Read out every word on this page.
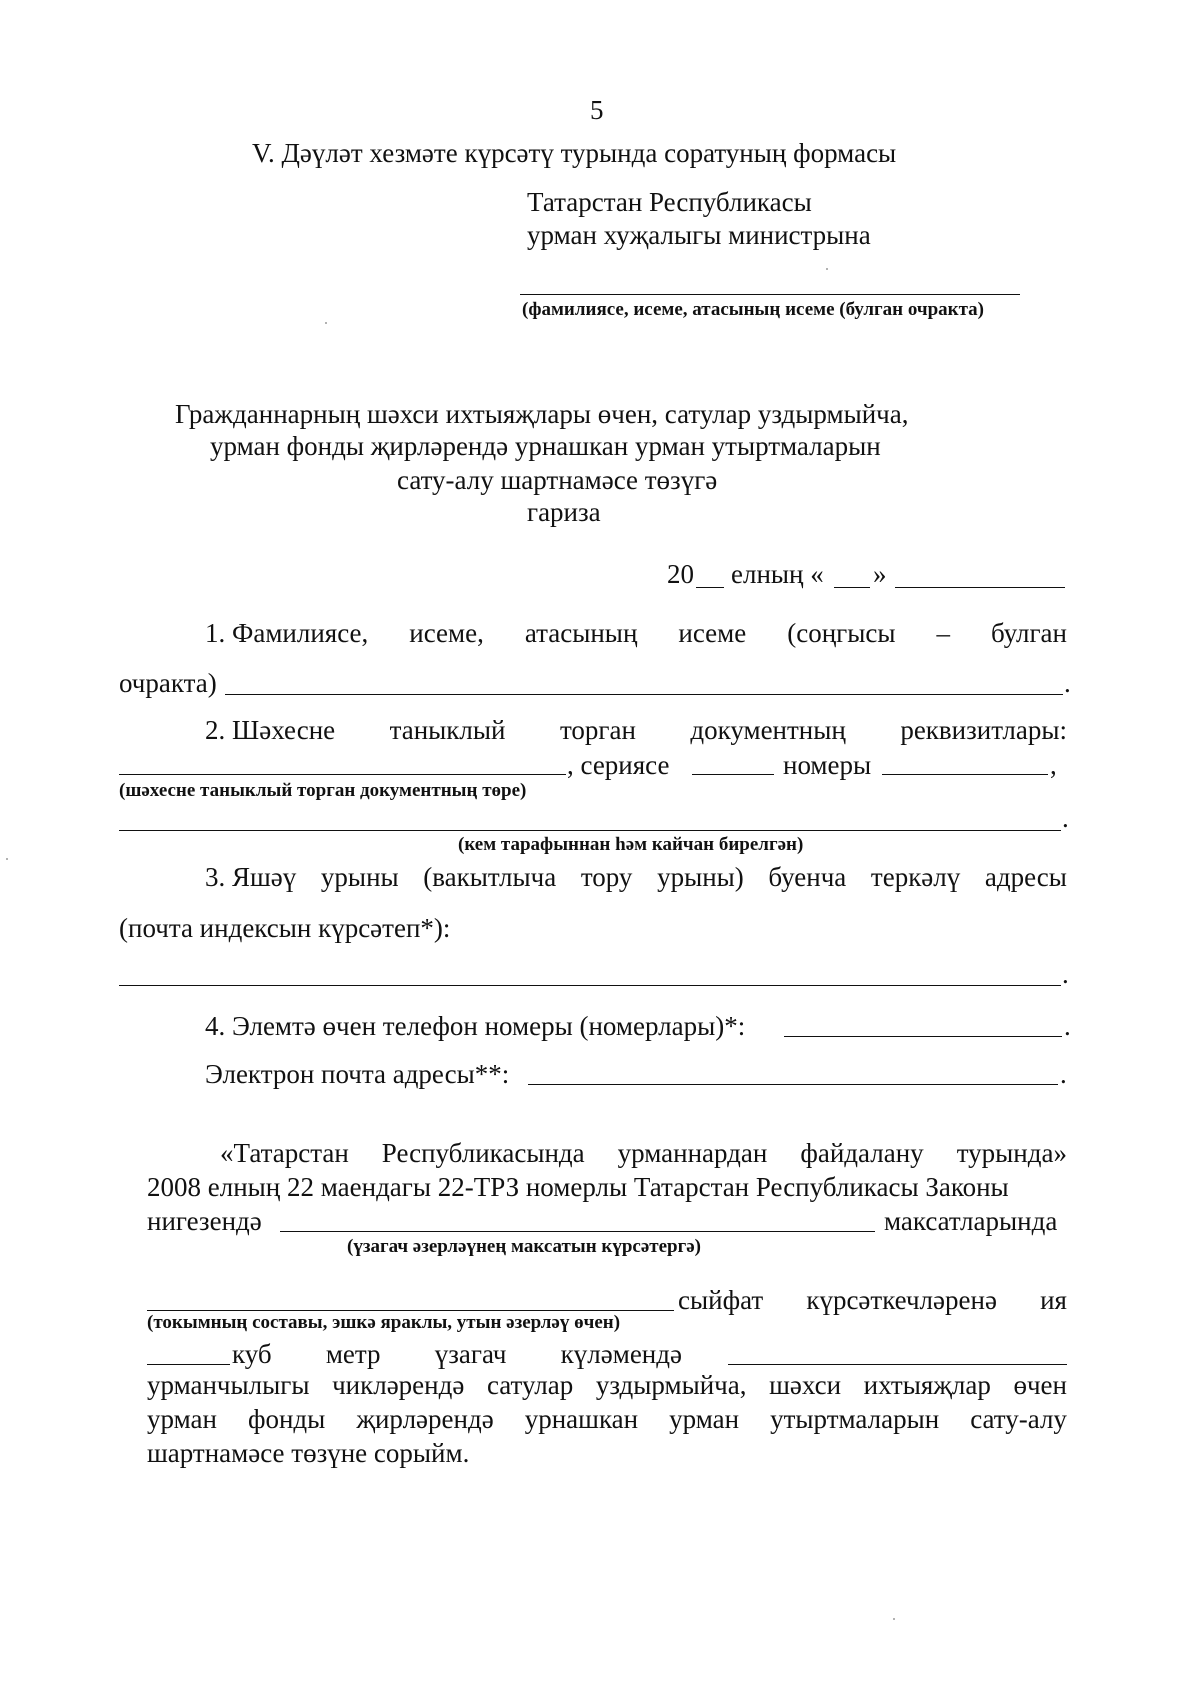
5
V. Дәүләт хезмәте күрсәтү турында соратуның формасы
Татарстан Республикасы
урман хуҗалыгы министрына
(фамилиясе, исеме, атасының исеме (булган очракта)
Гражданнарның шәхси ихтыяҗлары өчен, сатулар уздырмыйча,
урман фонды җирләрендә урнашкан урман утыртмаларын
сату-алу шартнамәсе төзүгә
гариза
20 елның « »
1. Фамилиясе, исеме, атасының исеме (соңгысы – булган
очракта)	.
2. Шәхесне таныклый торган документның реквизитлары:
, сериясе	номеры	,
(шәхесне таныклый торган документның төре)
.
(кем тарафыннан һәм кайчан бирелгән)
3. Яшәү урыны (вакытлыча тору урыны) буенча теркәлү адресы
(почта индексын күрсәтеп*):
.
4. Элемтә өчен телефон номеры (номерлары)*:	.
Электрон почта адресы**:	.
«Татарстан Республикасында урманнардан файдалану турында»
2008 елның 22 маендагы 22-ТРЗ номерлы Татарстан Республикасы Законы
нигезендә	максатларында
(үзагач әзерләүнең максатын күрсәтергә)
сыйфат күрсәткечләренә ия
(токымның составы, эшкә яраклы, утын әзерләү өчен)
куб метр үзагач күләмендә
урманчылыгы чикләрендә сатулар уздырмыйча, шәхси ихтыяҗлар өчен
урман фонды җирләрендә урнашкан урман утыртмаларын сату-алу
шартнамәсе төзүне сорыйм.
